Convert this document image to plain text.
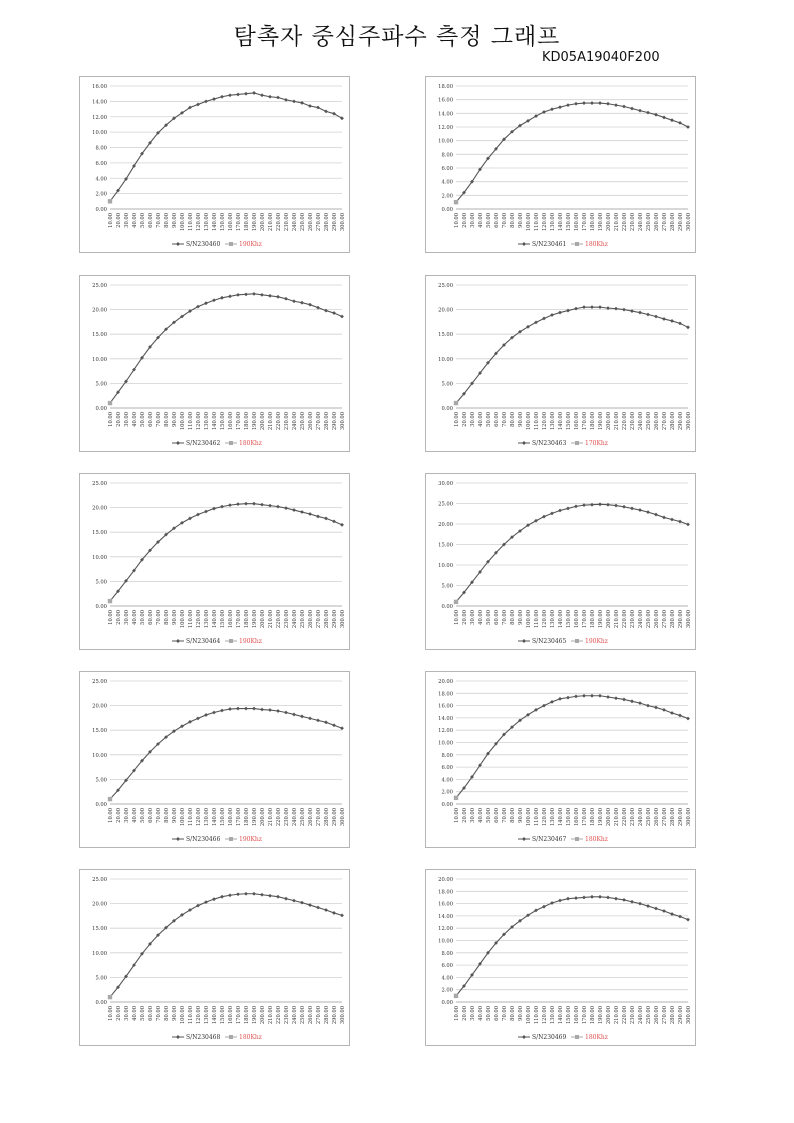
탐촉자 중심주파수 측정 그래프
KD05A19040F200
0.00
2.00
4.00
6.00
8.00
10.00
12.00
14.00
16.00
10.00 20.00 30.00 40.00 50.00 60.00 70.00 80.00 90.00 100.00 110.00 120.00 130.00 140.00 150.00 160.00 170.00 180.00 190.00 200.00 210.00 220.00 230.00 240.00 250.00 260.00 270.00 280.00 290.00 300.00
S/N230460	190Khz
0.00
2.00
4.00
6.00
8.00
10.00
12.00
14.00
16.00
18.00
10.00 20.00 30.00 40.00 50.00 60.00 70.00 80.00 90.00 100.00 110.00 120.00 130.00 140.00 150.00 160.00 170.00 180.00 190.00 200.00 210.00 220.00 230.00 240.00 250.00 260.00 270.00 280.00 290.00 300.00
S/N230461	180Khz
0.00
5.00
10.00
15.00
20.00
25.00
10.00 20.00 30.00 40.00 50.00 60.00 70.00 80.00 90.00 100.00 110.00 120.00 130.00 140.00 150.00 160.00 170.00 180.00 190.00 200.00 210.00 220.00 230.00 240.00 250.00 260.00 270.00 280.00 290.00 300.00
S/N230462	180Khz
0.00
5.00
10.00
15.00
20.00
25.00
10.00 20.00 30.00 40.00 50.00 60.00 70.00 80.00 90.00 100.00 110.00 120.00 130.00 140.00 150.00 160.00 170.00 180.00 190.00 200.00 210.00 220.00 230.00 240.00 250.00 260.00 270.00 280.00 290.00 300.00
S/N230463	170Khz
0.00
5.00
10.00
15.00
20.00
25.00
10.00 20.00 30.00 40.00 50.00 60.00 70.00 80.00 90.00 100.00 110.00 120.00 130.00 140.00 150.00 160.00 170.00 180.00 190.00 200.00 210.00 220.00 230.00 240.00 250.00 260.00 270.00 280.00 290.00 300.00
S/N230464	190Khz
0.00
5.00
10.00
15.00
20.00
25.00
30.00
10.00 20.00 30.00 40.00 50.00 60.00 70.00 80.00 90.00 100.00 110.00 120.00 130.00 140.00 150.00 160.00 170.00 180.00 190.00 200.00 210.00 220.00 230.00 240.00 250.00 260.00 270.00 280.00 290.00 300.00
S/N230465	190Khz
0.00
5.00
10.00
15.00
20.00
25.00
10.00 20.00 30.00 40.00 50.00 60.00 70.00 80.00 90.00 100.00 110.00 120.00 130.00 140.00 150.00 160.00 170.00 180.00 190.00 200.00 210.00 220.00 230.00 240.00 250.00 260.00 270.00 280.00 290.00 300.00
S/N230466	190Khz
0.00
2.00
4.00
6.00
8.00
10.00
12.00
14.00
16.00
18.00
20.00
10.00 20.00 30.00 40.00 50.00 60.00 70.00 80.00 90.00 100.00 110.00 120.00 130.00 140.00 150.00 160.00 170.00 180.00 190.00 200.00 210.00 220.00 230.00 240.00 250.00 260.00 270.00 280.00 290.00 300.00
S/N230467	180Khz
0.00
5.00
10.00
15.00
20.00
25.00
10.00 20.00 30.00 40.00 50.00 60.00 70.00 80.00 90.00 100.00 110.00 120.00 130.00 140.00 150.00 160.00 170.00 180.00 190.00 200.00 210.00 220.00 230.00 240.00 250.00 260.00 270.00 280.00 290.00 300.00
S/N230468	180Khz
0.00
2.00
4.00
6.00
8.00
10.00
12.00
14.00
16.00
18.00
20.00
10.00 20.00 30.00 40.00 50.00 60.00 70.00 80.00 90.00 100.00 110.00 120.00 130.00 140.00 150.00 160.00 170.00 180.00 190.00 200.00 210.00 220.00 230.00 240.00 250.00 260.00 270.00 280.00 290.00 300.00
S/N230469	180Khz
